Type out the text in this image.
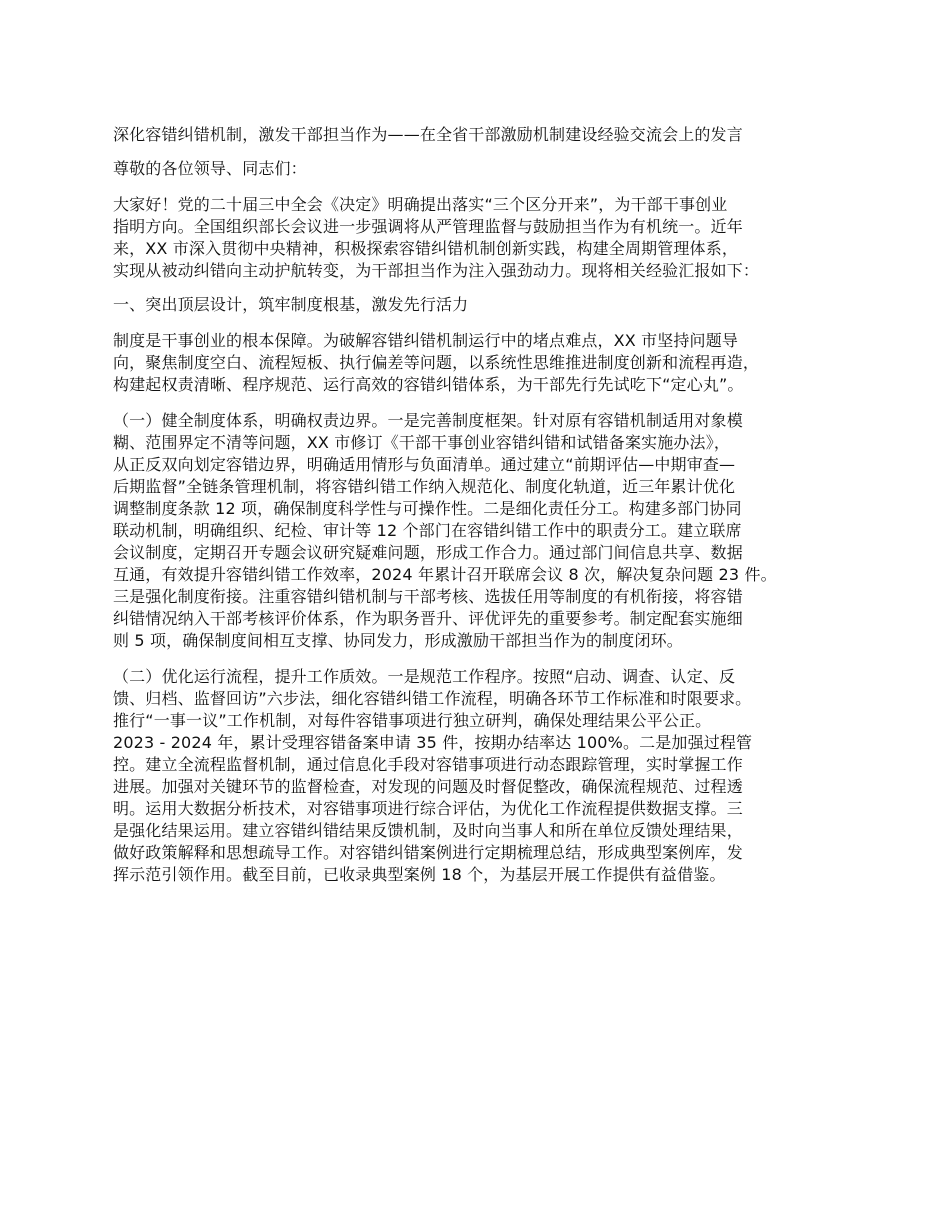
深化容错纠错机制，激发干部担当作为——在全省干部激励机制建设经验交流会上的发言
尊敬的各位领导、同志们：
大家好！党的二十届三中全会《决定》明确提出落实“三个区分开来”，为干部干事创业
指明方向。全国组织部长会议进一步强调将从严管理监督与鼓励担当作为有机统一。近年
来，XX 市深入贯彻中央精神，积极探索容错纠错机制创新实践，构建全周期管理体系，
实现从被动纠错向主动护航转变，为干部担当作为注入强劲动力。现将相关经验汇报如下：
一、突出顶层设计，筑牢制度根基，激发先行活力
制度是干事创业的根本保障。为破解容错纠错机制运行中的堵点难点，XX 市坚持问题导
向，聚焦制度空白、流程短板、执行偏差等问题，以系统性思维推进制度创新和流程再造，
构建起权责清晰、程序规范、运行高效的容错纠错体系，为干部先行先试吃下“定心丸”。
（一）健全制度体系，明确权责边界。一是完善制度框架。针对原有容错机制适用对象模
糊、范围界定不清等问题，XX 市修订《干部干事创业容错纠错和试错备案实施办法》，
从正反双向划定容错边界，明确适用情形与负面清单。通过建立“前期评估—中期审查—
后期监督”全链条管理机制，将容错纠错工作纳入规范化、制度化轨道，近三年累计优化
调整制度条款 12 项，确保制度科学性与可操作性。二是细化责任分工。构建多部门协同
联动机制，明确组织、纪检、审计等 12 个部门在容错纠错工作中的职责分工。建立联席
会议制度，定期召开专题会议研究疑难问题，形成工作合力。通过部门间信息共享、数据
互通，有效提升容错纠错工作效率，2024 年累计召开联席会议 8 次，解决复杂问题 23 件。
三是强化制度衔接。注重容错纠错机制与干部考核、选拔任用等制度的有机衔接，将容错
纠错情况纳入干部考核评价体系，作为职务晋升、评优评先的重要参考。制定配套实施细
则 5 项，确保制度间相互支撑、协同发力，形成激励干部担当作为的制度闭环。
（二）优化运行流程，提升工作质效。一是规范工作程序。按照“启动、调查、认定、反
馈、归档、监督回访”六步法，细化容错纠错工作流程，明确各环节工作标准和时限要求。
推行“一事一议”工作机制，对每件容错事项进行独立研判，确保处理结果公平公正。
2023 - 2024 年，累计受理容错备案申请 35 件，按期办结率达 100%。二是加强过程管
控。建立全流程监督机制，通过信息化手段对容错事项进行动态跟踪管理，实时掌握工作
进展。加强对关键环节的监督检查，对发现的问题及时督促整改，确保流程规范、过程透
明。运用大数据分析技术，对容错事项进行综合评估，为优化工作流程提供数据支撑。三
是强化结果运用。建立容错纠错结果反馈机制，及时向当事人和所在单位反馈处理结果，
做好政策解释和思想疏导工作。对容错纠错案例进行定期梳理总结，形成典型案例库，发
挥示范引领作用。截至目前，已收录典型案例 18 个，为基层开展工作提供有益借鉴。
